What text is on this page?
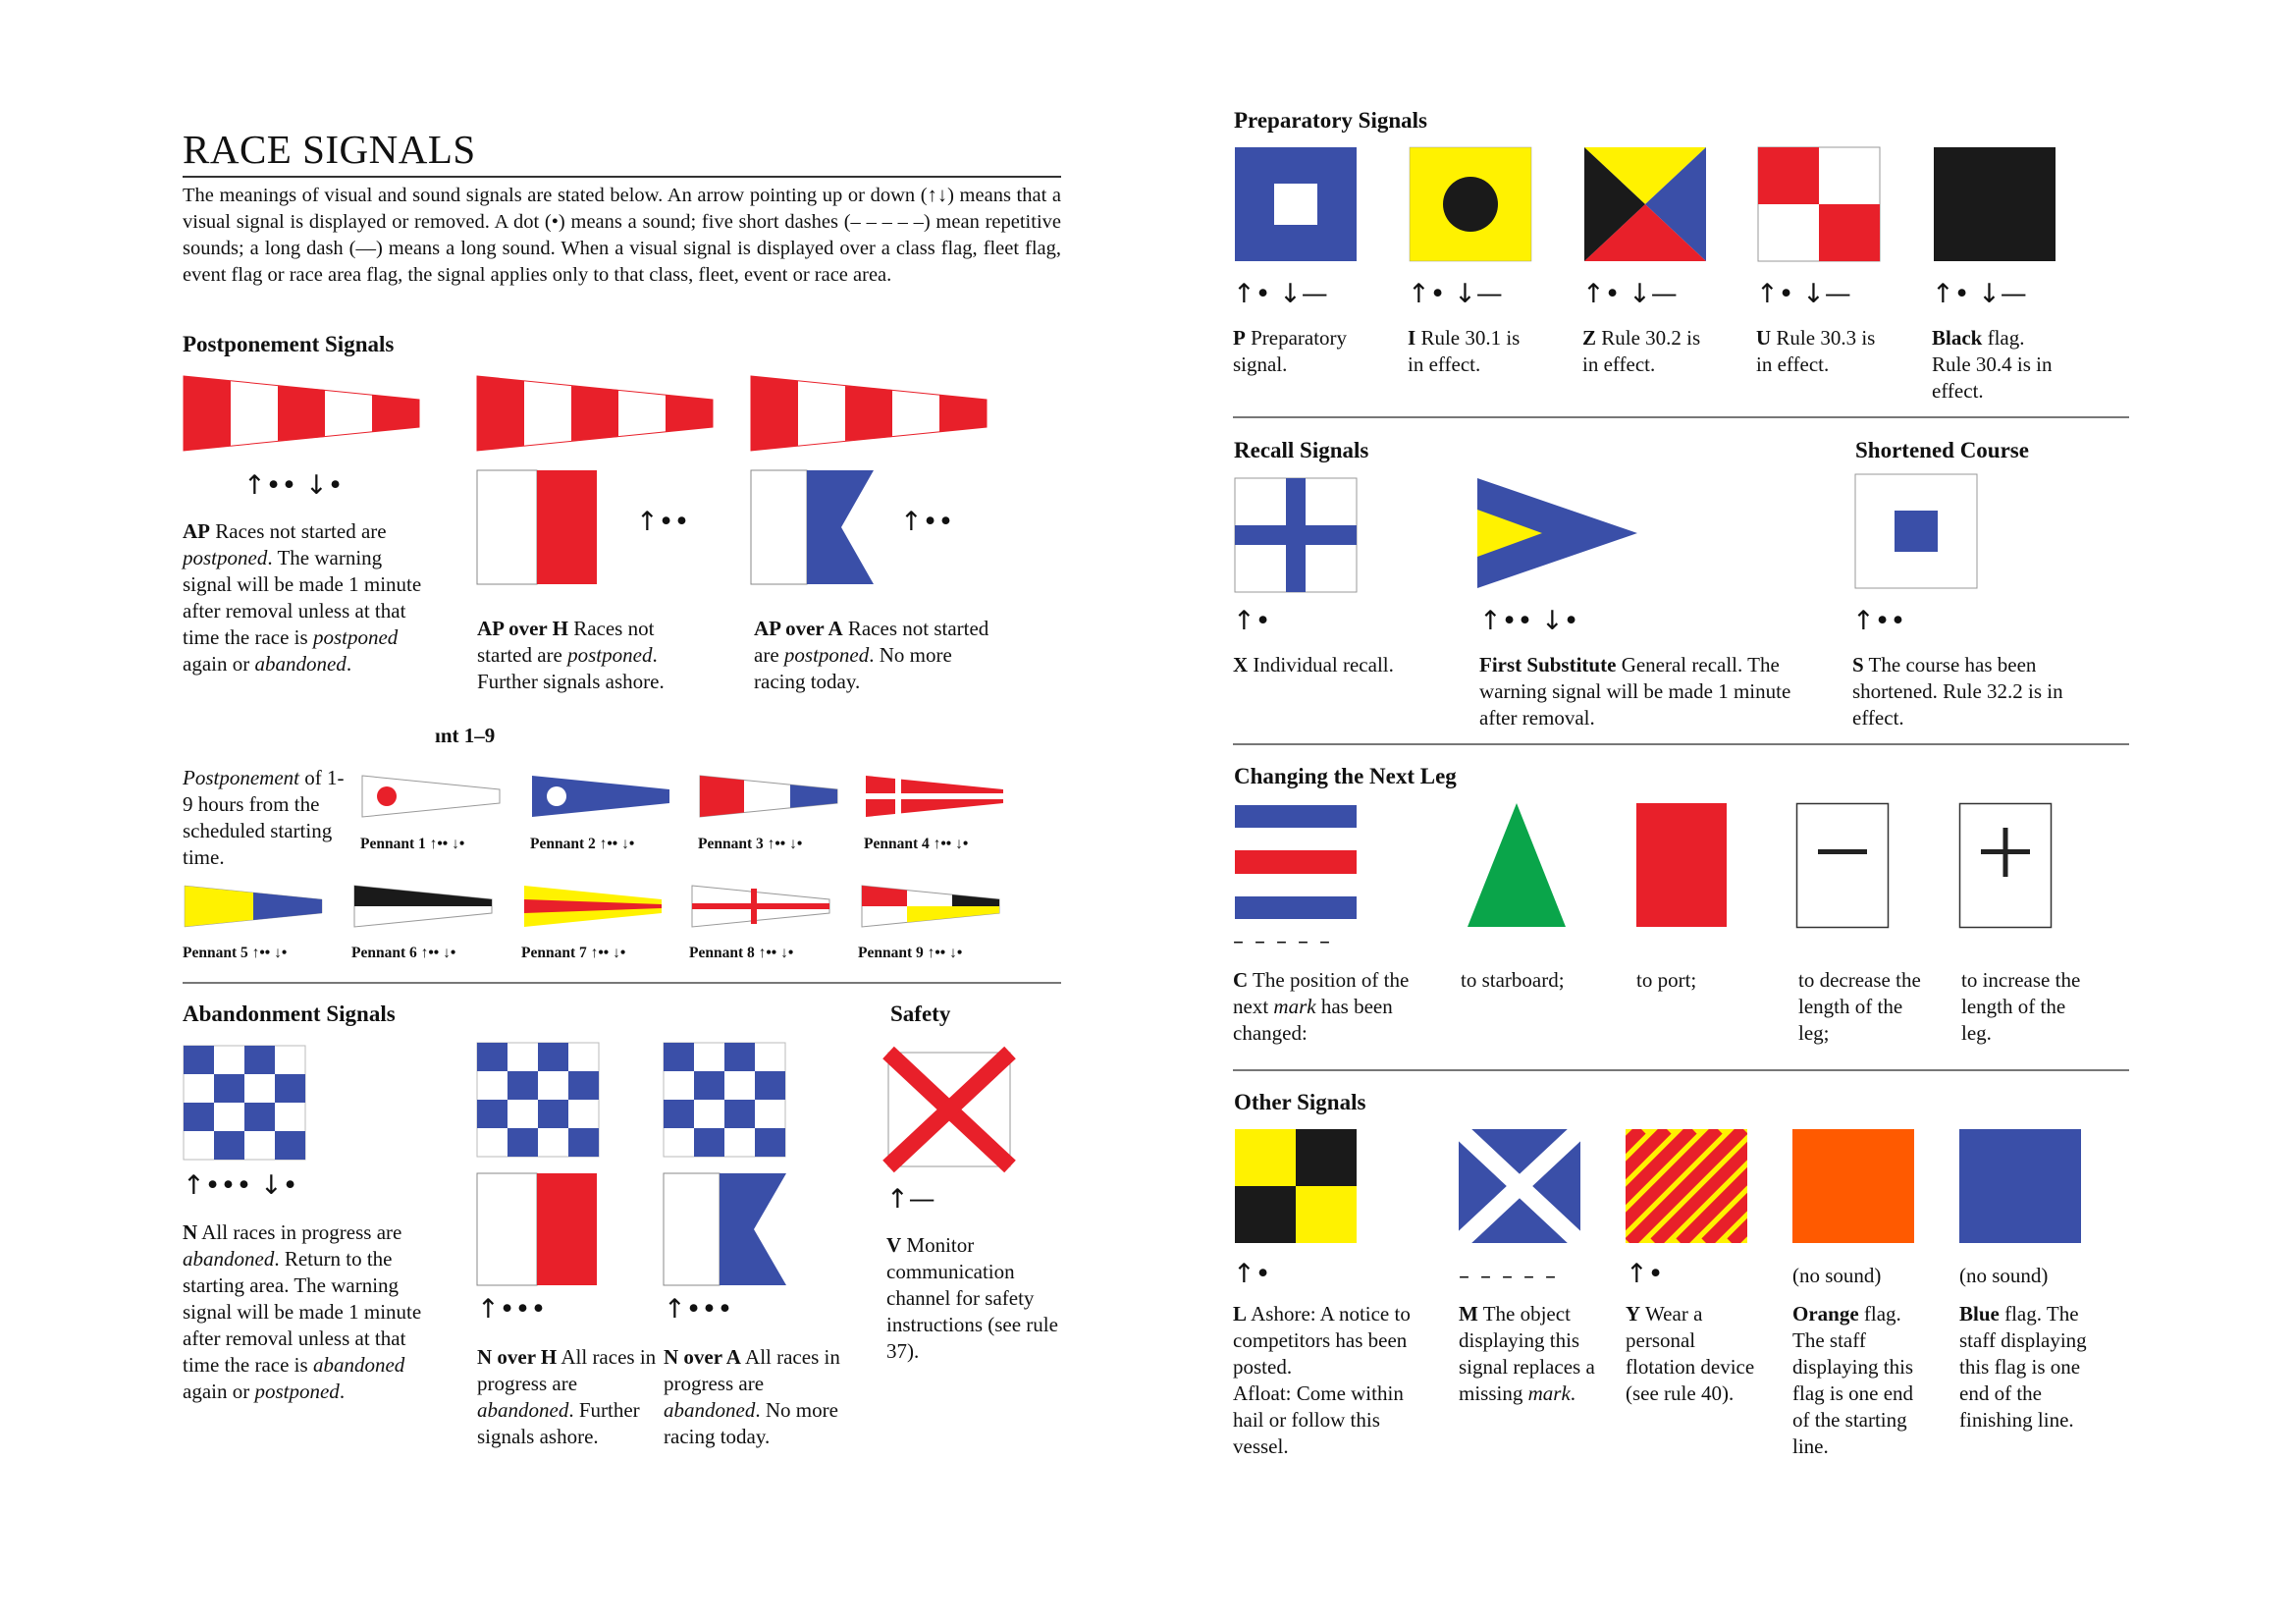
RACE SIGNALS
The meanings of visual and sound signals are stated below. An arrow pointing up or down (↑↓) means that a visual signal is displayed or removed. A dot (•) means a sound; five short dashes (– – – – –) mean repetitive sounds; a long dash (—) means a long sound. When a visual signal is displayed over a class flag, fleet flag, event flag or race area flag, the signal applies only to that class, fleet, event or race area.
Postponement Signals
↑•• ↓•
AP Races not started are postponed. The warning signal will be made 1 minute after removal unless at that time the race is postponed again or abandoned.
↑••
AP over H Races not started are postponed. Further signals ashore.
↑••
AP over A Races not started are postponed. No more racing today.
ınt 1–9
Postponement of 1-9 hours from the scheduled starting time.
Pennant 1 ↑•• ↓•	Pennant 2 ↑•• ↓•	Pennant 3 ↑•• ↓•	Pennant 4 ↑•• ↓•
Pennant 5 ↑•• ↓•	Pennant 6 ↑•• ↓•	Pennant 7 ↑•• ↓•	Pennant 8 ↑•• ↓•	Pennant 9 ↑•• ↓•
Abandonment Signals
↑••• ↓•
N All races in progress are abandoned. Return to the starting area. The warning signal will be made 1 minute after removal unless at that time the race is abandoned again or postponed.
↑•••
N over H All races in progress are abandoned. Further signals ashore.
↑•••
N over A All races in progress are abandoned. No more racing today.
Safety
↑—
V Monitor communication channel for safety instructions (see rule 37).
Preparatory Signals
↑• ↓—	↑• ↓—	↑• ↓—	↑• ↓—	↑• ↓—
P Preparatory signal.
I Rule 30.1 is in effect.
Z Rule 30.2 is in effect.
U Rule 30.3 is in effect.
Black flag. Rule 30.4 is in effect.
Recall Signals
↑•
X Individual recall.
↑•• ↓•
First Substitute General recall. The warning signal will be made 1 minute after removal.
Shortened Course
↑••
S The course has been shortened. Rule 32.2 is in effect.
Changing the Next Leg
– – – – –
C The position of the next mark has been changed:
to starboard;	to port;	to decrease the length of the leg;
to increase the length of the leg.
Other Signals
↑•
L Ashore: A notice to competitors has been posted.
Afloat: Come within hail or follow this vessel.
– – – – –
M The object displaying this signal replaces a missing mark.
↑•
Y Wear a personal flotation device (see rule 40).
(no sound)
Orange flag. The staff displaying this flag is one end of the starting line.
(no sound)
Blue flag. The staff displaying this flag is one end of the finishing line.
